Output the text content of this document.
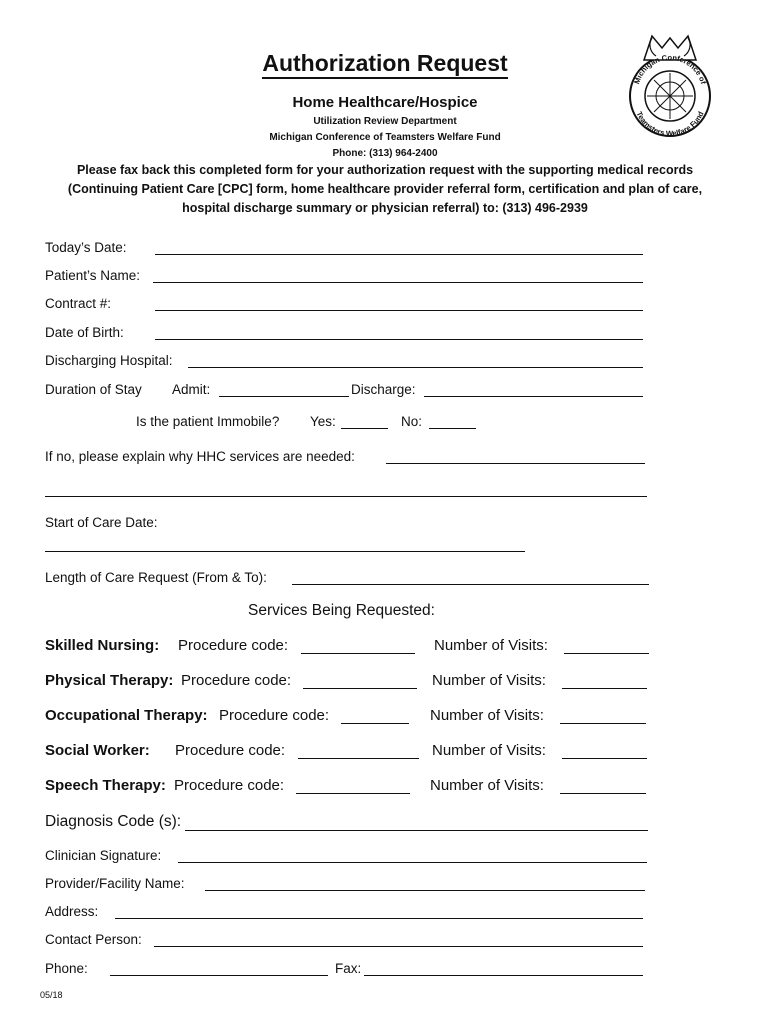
Authorization Request
Home Healthcare/Hospice
Utilization Review Department
Michigan Conference of Teamsters Welfare Fund
Phone: (313) 964-2400
Michigan Conference of
Teamsters Welfare Fund
Please fax back this completed form for your authorization request with the supporting medical records
(Continuing Patient Care [CPC] form, home healthcare provider referral form, certification and plan of care,
hospital discharge summary or physician referral) to: (313) 496-2939
Today’s Date:
Patient’s Name:
Contract #:
Date of Birth:
Discharging Hospital:
Duration of Stay Admit:	Discharge:
Is the patient Immobile? Yes:	No:
If no, please explain why HHC services are needed:
Start of Care Date:
Length of Care Request (From & To):
Services Being Requested:
Skilled Nursing: Procedure code:	Number of Visits:
Physical Therapy: Procedure code:	Number of Visits:
Occupational Therapy: Procedure code:	Number of Visits:
Social Worker: Procedure code:	Number of Visits:
Speech Therapy: Procedure code:	Number of Visits:
Diagnosis Code (s):
Clinician Signature:
Provider/Facility Name:
Address:
Contact Person:
Phone:	Fax:
05/18
